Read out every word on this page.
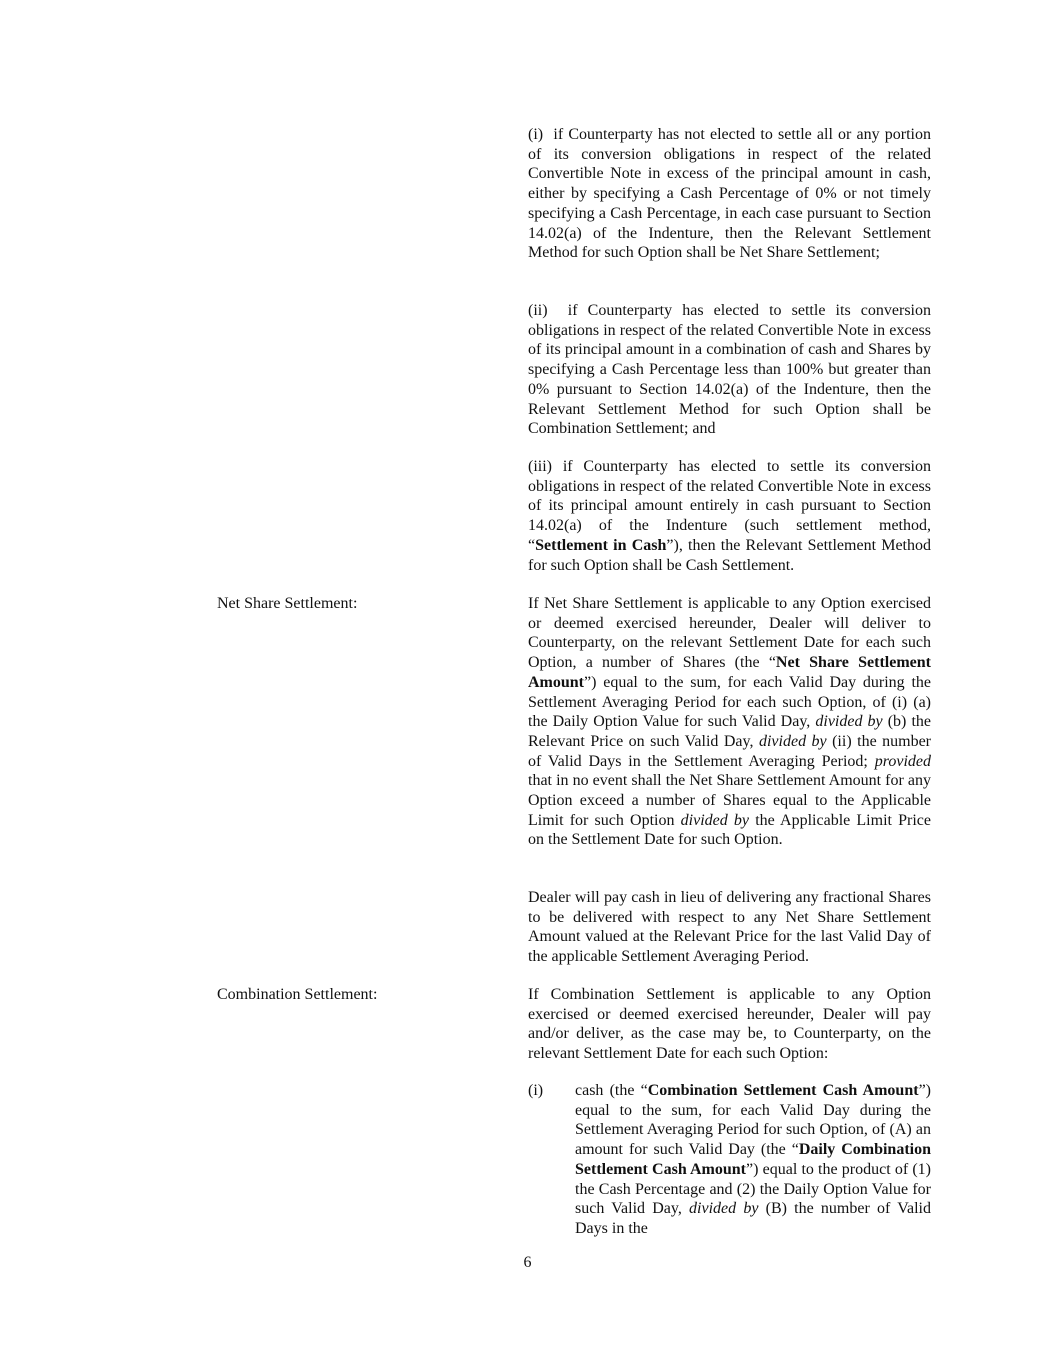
(i)  if Counterparty has not elected to settle all or any portion of its conversion obligations in respect of the related Convertible Note in excess of the principal amount in cash, either by specifying a Cash Percentage of 0% or not timely specifying a Cash Percentage, in each case pursuant to Section 14.02(a) of the Indenture, then the Relevant Settlement Method for such Option shall be Net Share Settlement;

(ii)  if Counterparty has elected to settle its conversion obligations in respect of the related Convertible Note in excess of its principal amount in a combination of cash and Shares by specifying a Cash Percentage less than 100% but greater than 0% pursuant to Section 14.02(a) of the Indenture, then the Relevant Settlement Method for such Option shall be Combination Settlement; and

(iii) if Counterparty has elected to settle its conversion obligations in respect of the related Convertible Note in excess of its principal amount entirely in cash pursuant to Section 14.02(a) of the Indenture (such settlement method, “Settlement in Cash”), then the Relevant Settlement Method for such Option shall be Cash Settlement.

Net Share Settlement:	If Net Share Settlement is applicable to any Option exercised or deemed exercised hereunder, Dealer will deliver to Counterparty, on the relevant Settlement Date for each such Option, a number of Shares (the “Net Share Settlement Amount”) equal to the sum, for each Valid Day during the Settlement Averaging Period for each such Option, of (i) (a) the Daily Option Value for such Valid Day, divided by (b) the Relevant Price on such Valid Day, divided by (ii) the number of Valid Days in the Settlement Averaging Period; provided that in no event shall the Net Share Settlement Amount for any Option exceed a number of Shares equal to the Applicable Limit for such Option divided by the Applicable Limit Price on the Settlement Date for such Option.

Dealer will pay cash in lieu of delivering any fractional Shares to be delivered with respect to any Net Share Settlement Amount valued at the Relevant Price for the last Valid Day of the applicable Settlement Averaging Period.

Combination Settlement:	If Combination Settlement is applicable to any Option exercised or deemed exercised hereunder, Dealer will pay and/or deliver, as the case may be, to Counterparty, on the relevant Settlement Date for each such Option:

(i) cash (the “Combination Settlement Cash Amount”) equal to the sum, for each Valid Day during the Settlement Averaging Period for such Option, of (A) an amount for such Valid Day (the “Daily Combination Settlement Cash Amount”) equal to the product of (1) the Cash Percentage and (2) the Daily Option Value for such Valid Day, divided by (B) the number of Valid Days in the
6
